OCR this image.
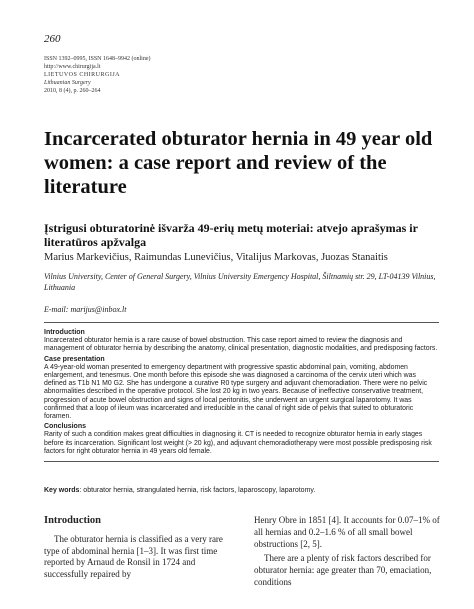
260
ISSN 1392–0995, ISSN 1648–9942 (online)
http://www.chirurgija.lt
LIETUVOS CHIRURGIJA
Lithuanian Surgery
2010, 8 (4), p. 260–264
Incarcerated obturator hernia in 49 year old women: a case report and review of the literature
Įstrigusi obturatorinė išvarža 49-erių metų moteriai: atvejo aprašymas ir literatūros apžvalga
Marius Markevičius, Raimundas Lunevičius, Vitalijus Markovas, Juozas Stanaitis
Vilnius University, Center of General Surgery, Vilnius University Emergency Hospital, Šiltnamių str. 29, LT-04139 Vilnius, Lithuania
E-mail: marijus@inbox.lt
Introduction
Incarcerated obturator hernia is a rare cause of bowel obstruction. This case report aimed to review the diagnosis and management of obturator hernia by describing the anatomy, clinical presentation, diagnostic modalities, and predisposing factors.
Case presentation
A 49-year-old woman presented to emergency department with progressive spastic abdominal pain, vomiting, abdomen enlargement, and tenesmus. One month before this episode she was diagnosed a carcinoma of the cervix uteri which was defined as T1b N1 M0 G2. She has undergone a curative R0 type surgery and adjuvant chemoradiation. There were no pelvic abnormalities described in the operative protocol. She lost 20 kg in two years. Because of ineffective conservative treatment, progression of acute bowel obstruction and signs of local peritonitis, she underwent an urgent surgical laparotomy. It was confirmed that a loop of ileum was incarcerated and irreducible in the canal of right side of pelvis that suited to obturatoric foramen.
Conclusions
Rarity of such a condition makes great difficulties in diagnosing it. CT is needed to recognize obturator hernia in early stages before its incarceration. Significant lost weight (> 20 kg), and adjuvant chemoradiotherapy were most possible predisposing risk factors for right obturator hernia in 49 years old female.
Key words: obturator hernia, strangulated hernia, risk factors, laparoscopy, laparotomy.
Introduction

The obturator hernia is classified as a very rare type of abdominal hernia [1–3]. It was first time reported by Arnaud de Ronsil in 1724 and successfully repaired by

Henry Obre in 1851 [4]. It accounts for 0.07–1% of all hernias and 0.2–1.6 % of all small bowel obstructions [2, 5].

There are a plenty of risk factors described for obturator hernia: age greater than 70, emaciation, conditions
